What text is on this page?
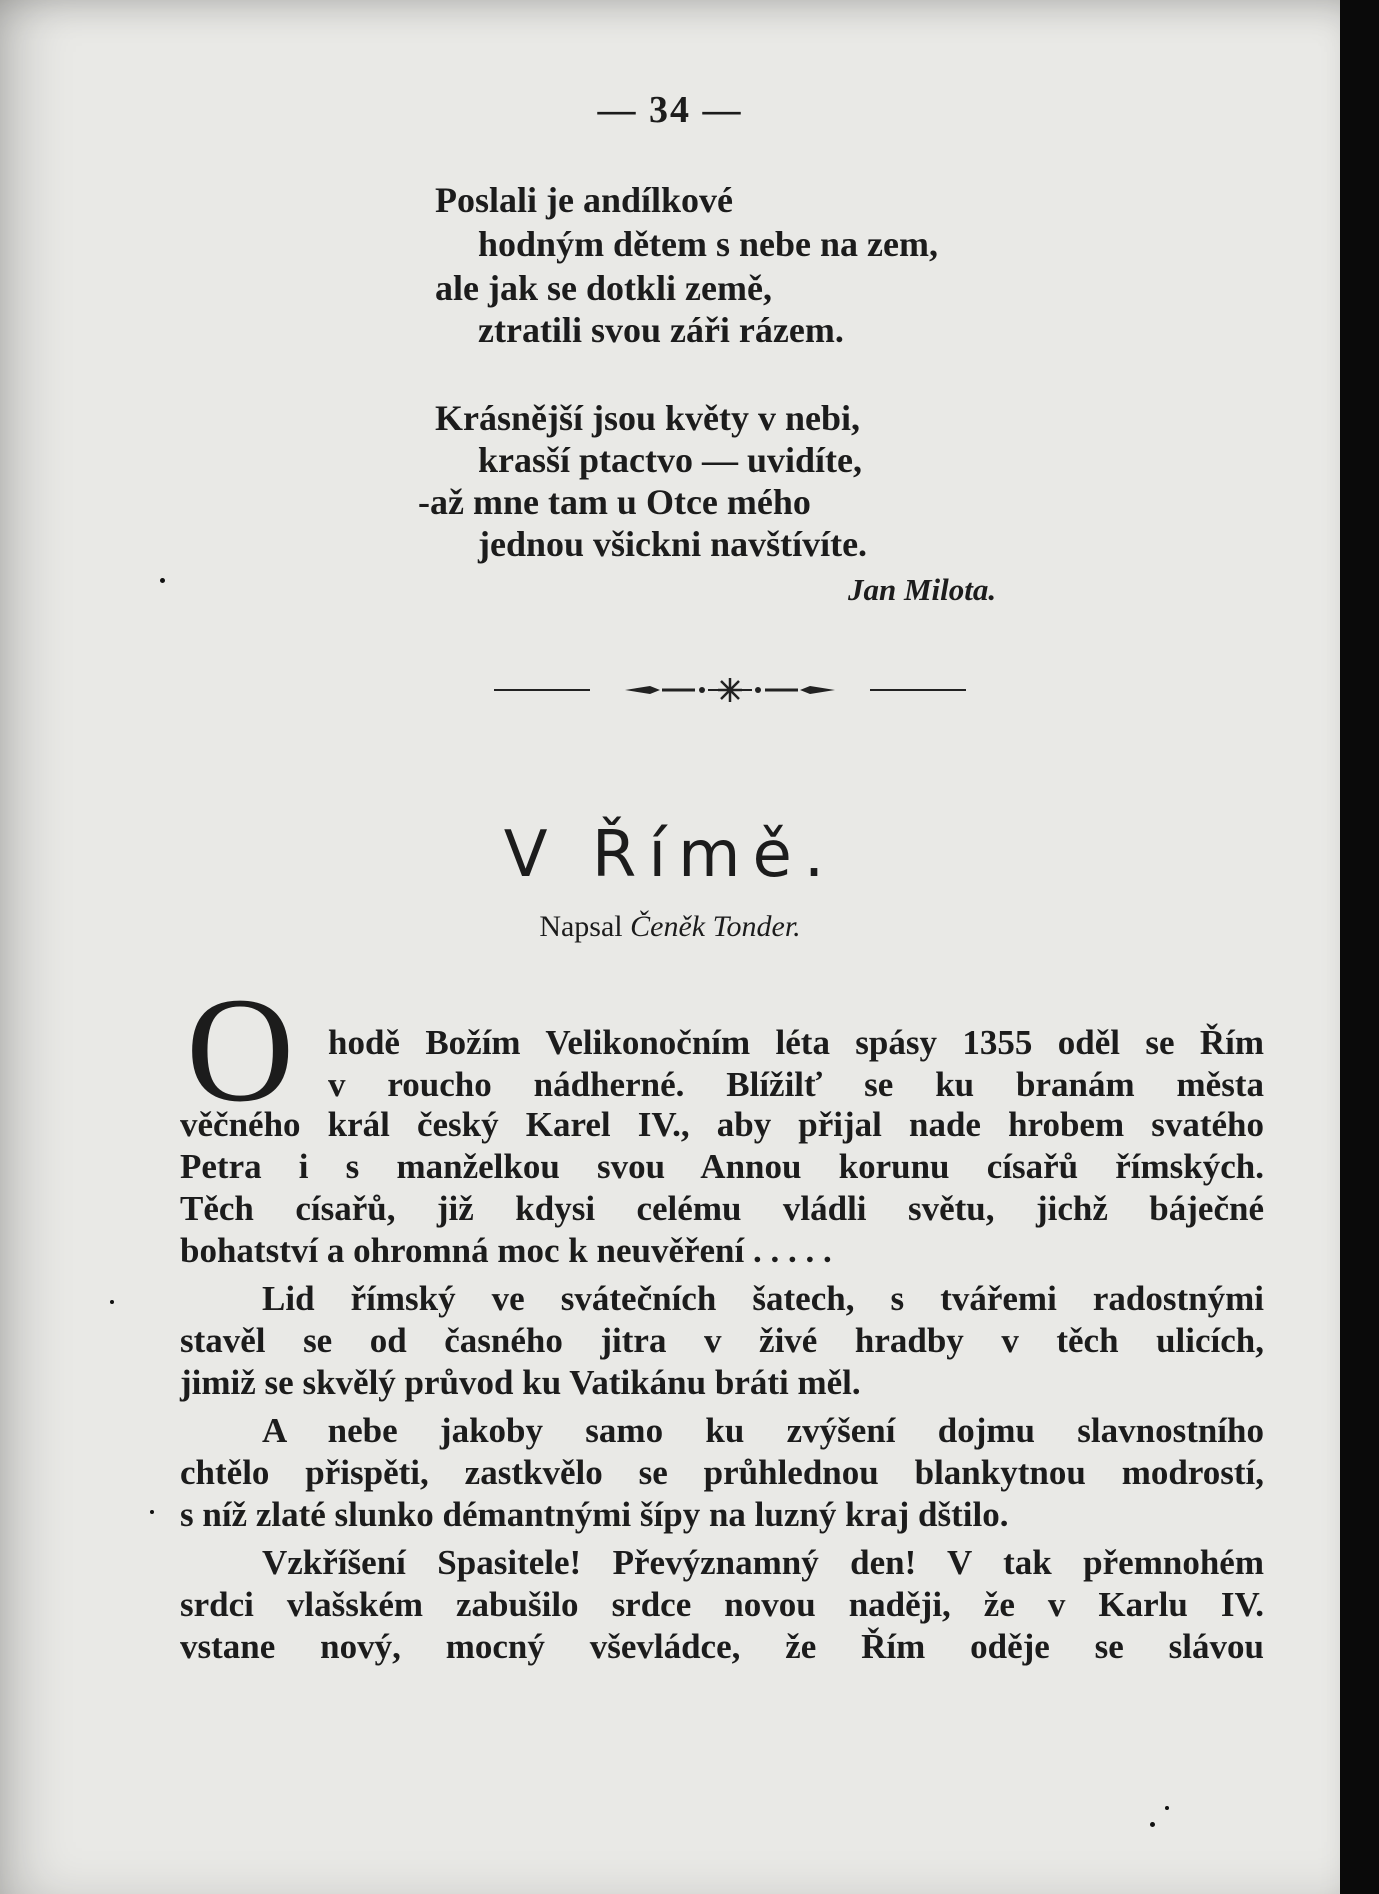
— 34 —
Poslali je andílkové
hodným dětem s nebe na zem,
ale jak se dotkli země,
ztratili svou záři rázem.
Krásnější jsou květy v nebi,
krasší ptactvo — uvidíte,
-až mne tam u Otce mého
jednou všickni navštívíte.
Jan Milota.
V Římě.
Napsal Čeněk Tonder.
O hodě Božím Velikonočním léta spásy 1355 oděl se Řím
v roucho nádherné. Blížilť se ku branám města
věčného král český Karel IV., aby přijal nade hrobem svatého
Petra i s manželkou svou Annou korunu císařů římských.
Těch císařů, již kdysi celému vládli světu, jichž báječné
bohatství a ohromná moc k neuvěření . . . . .
Lid římský ve svátečních šatech, s tvářemi radostnými
stavěl se od časného jitra v živé hradby v těch ulicích,
jimiž se skvělý průvod ku Vatikánu bráti měl.
A nebe jakoby samo ku zvýšení dojmu slavnostního
chtělo přispěti, zastkvělo se průhlednou blankytnou modrostí,
s níž zlaté slunko démantnými šípy na luzný kraj dštilo.
Vzkříšení Spasitele! Převýznamný den! V tak přemnohém
srdci vlašském zabušilo srdce novou naději, že v Karlu IV.
vstane nový, mocný vševládce, že Řím oděje se slávou
